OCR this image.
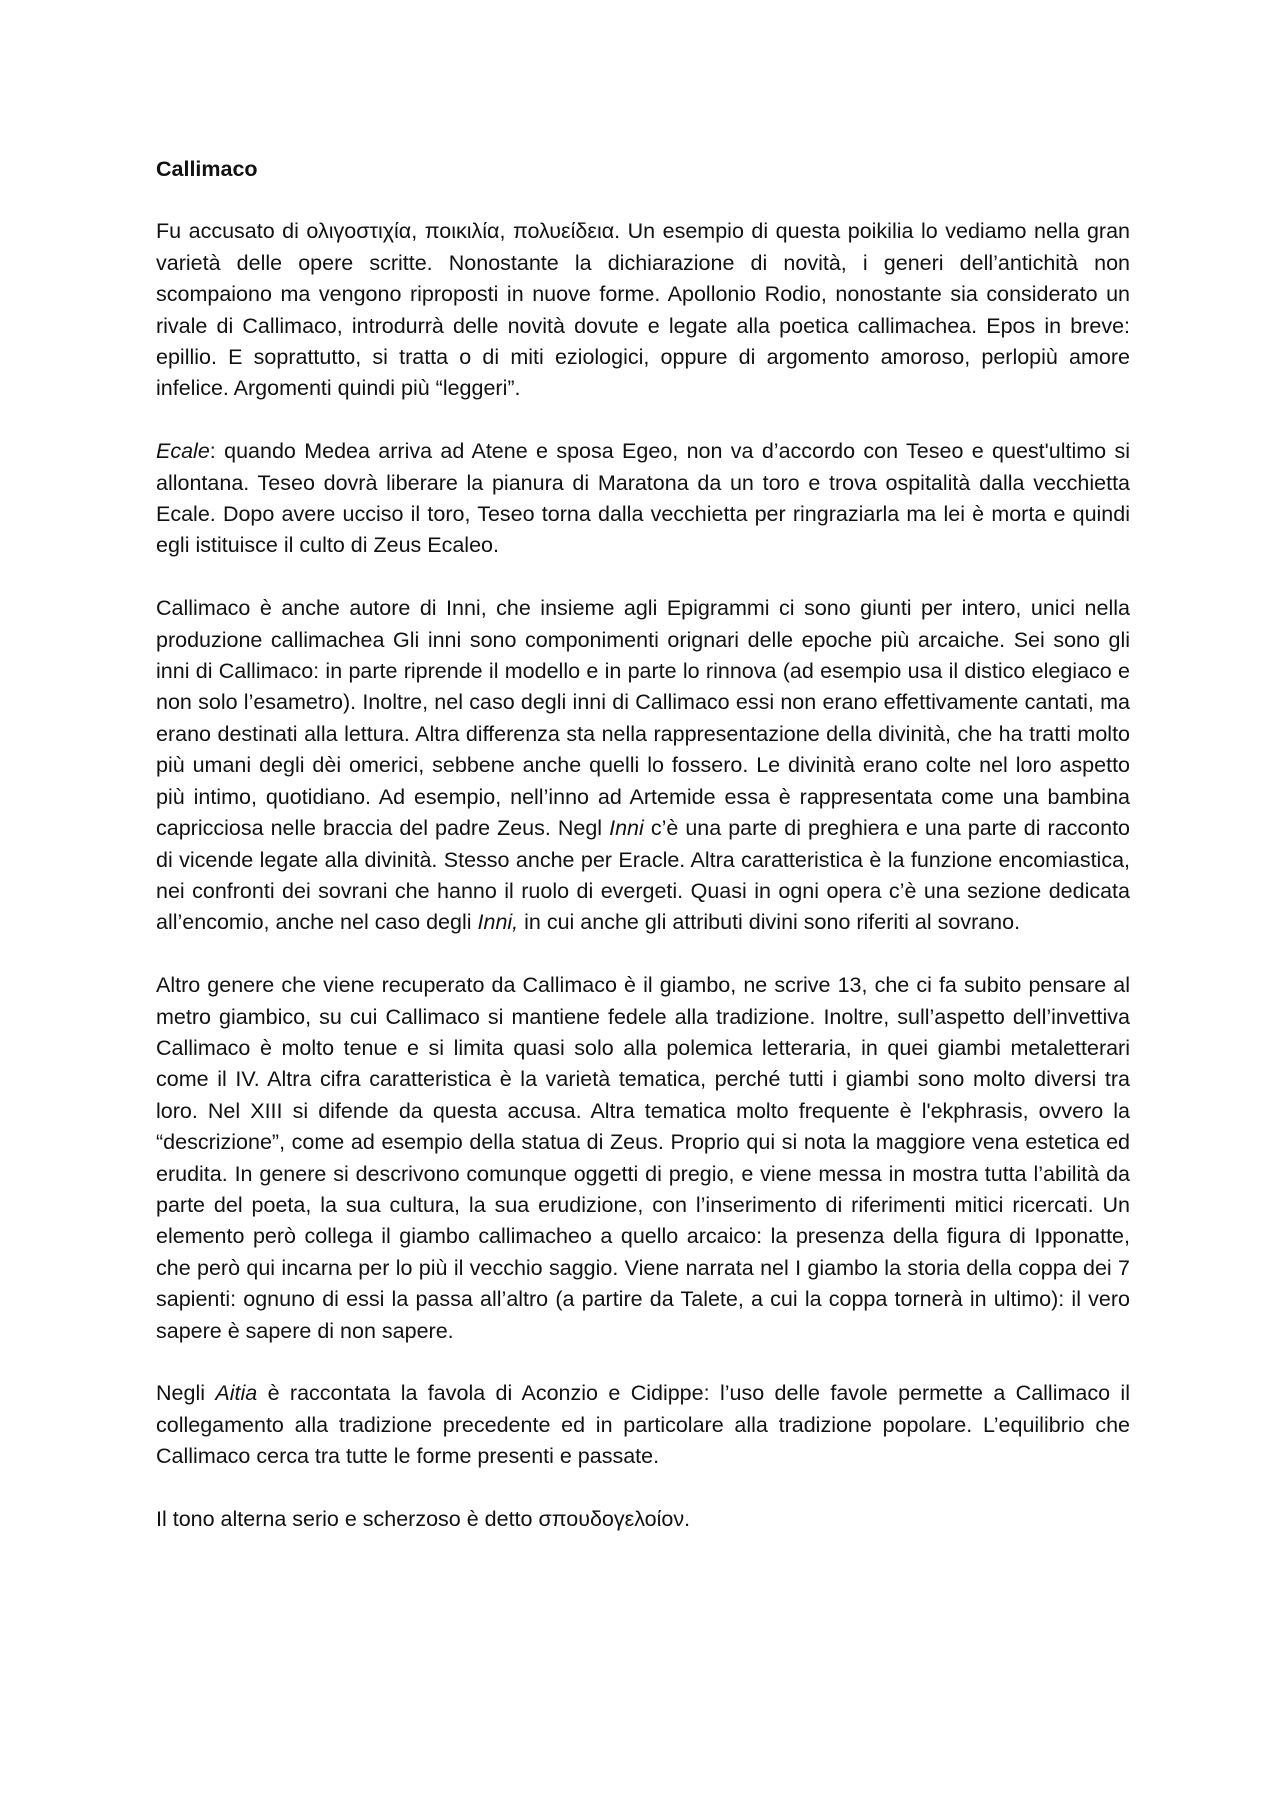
Callimaco

Fu accusato di ολιγοστιχία, ποικιλία, πολυείδεια. Un esempio di questa poikilia lo vediamo nella gran varietà delle opere scritte. Nonostante la dichiarazione di novità, i generi dell’antichità non scompaiono ma vengono riproposti in nuove forme. Apollonio Rodio, nonostante sia considerato un rivale di Callimaco, introdurrà delle novità dovute e legate alla poetica callimachea. Epos in breve: epillio. E soprattutto, si tratta o di miti eziologici, oppure di argomento amoroso, perlopiù amore infelice. Argomenti quindi più “leggeri”.

Ecale: quando Medea arriva ad Atene e sposa Egeo, non va d’accordo con Teseo e quest'ultimo si allontana. Teseo dovrà liberare la pianura di Maratona da un toro e trova ospitalità dalla vecchietta Ecale. Dopo avere ucciso il toro, Teseo torna dalla vecchietta per ringraziarla ma lei è morta e quindi egli istituisce il culto di Zeus Ecaleo.

Callimaco è anche autore di Inni, che insieme agli Epigrammi ci sono giunti per intero, unici nella produzione callimachea Gli inni sono componimenti orignari delle epoche più arcaiche. Sei sono gli inni di Callimaco: in parte riprende il modello e in parte lo rinnova (ad esempio usa il distico elegiaco e non solo l’esametro). Inoltre, nel caso degli inni di Callimaco essi non erano effettivamente cantati, ma erano destinati alla lettura. Altra differenza sta nella rappresentazione della divinità, che ha tratti molto più umani degli dèi omerici, sebbene anche quelli lo fossero. Le divinità erano colte nel loro aspetto più intimo, quotidiano. Ad esempio, nell’inno ad Artemide essa è rappresentata come una bambina capricciosa nelle braccia del padre Zeus. Negl Inni c’è una parte di preghiera e una parte di racconto di vicende legate alla divinità. Stesso anche per Eracle. Altra caratteristica è la funzione encomiastica, nei confronti dei sovrani che hanno il ruolo di evergeti. Quasi in ogni opera c’è una sezione dedicata all’encomio, anche nel caso degli Inni, in cui anche gli attributi divini sono riferiti al sovrano.

Altro genere che viene recuperato da Callimaco è il giambo, ne scrive 13, che ci fa subito pensare al metro giambico, su cui Callimaco si mantiene fedele alla tradizione. Inoltre, sull’aspetto dell’invettiva Callimaco è molto tenue e si limita quasi solo alla polemica letteraria, in quei giambi metaletterari come il IV. Altra cifra caratteristica è la varietà tematica, perché tutti i giambi sono molto diversi tra loro. Nel XIII si difende da questa accusa. Altra tematica molto frequente è l'ekphrasis, ovvero la “descrizione”, come ad esempio della statua di Zeus. Proprio qui si nota la maggiore vena estetica ed erudita. In genere si descrivono comunque oggetti di pregio, e viene messa in mostra tutta l’abilità da parte del poeta, la sua cultura, la sua erudizione, con l’inserimento di riferimenti mitici ricercati. Un elemento però collega il giambo callimacheo a quello arcaico: la presenza della figura di Ipponatte, che però qui incarna per lo più il vecchio saggio. Viene narrata nel I giambo la storia della coppa dei 7 sapienti: ognuno di essi la passa all’altro (a partire da Talete, a cui la coppa tornerà in ultimo): il vero sapere è sapere di non sapere.

Negli Aitia è raccontata la favola di Aconzio e Cidippe: l’uso delle favole permette a Callimaco il collegamento alla tradizione precedente ed in particolare alla tradizione popolare. L’equilibrio che Callimaco cerca tra tutte le forme presenti e passate.

Il tono alterna serio e scherzoso è detto σπουδογελοίον.
